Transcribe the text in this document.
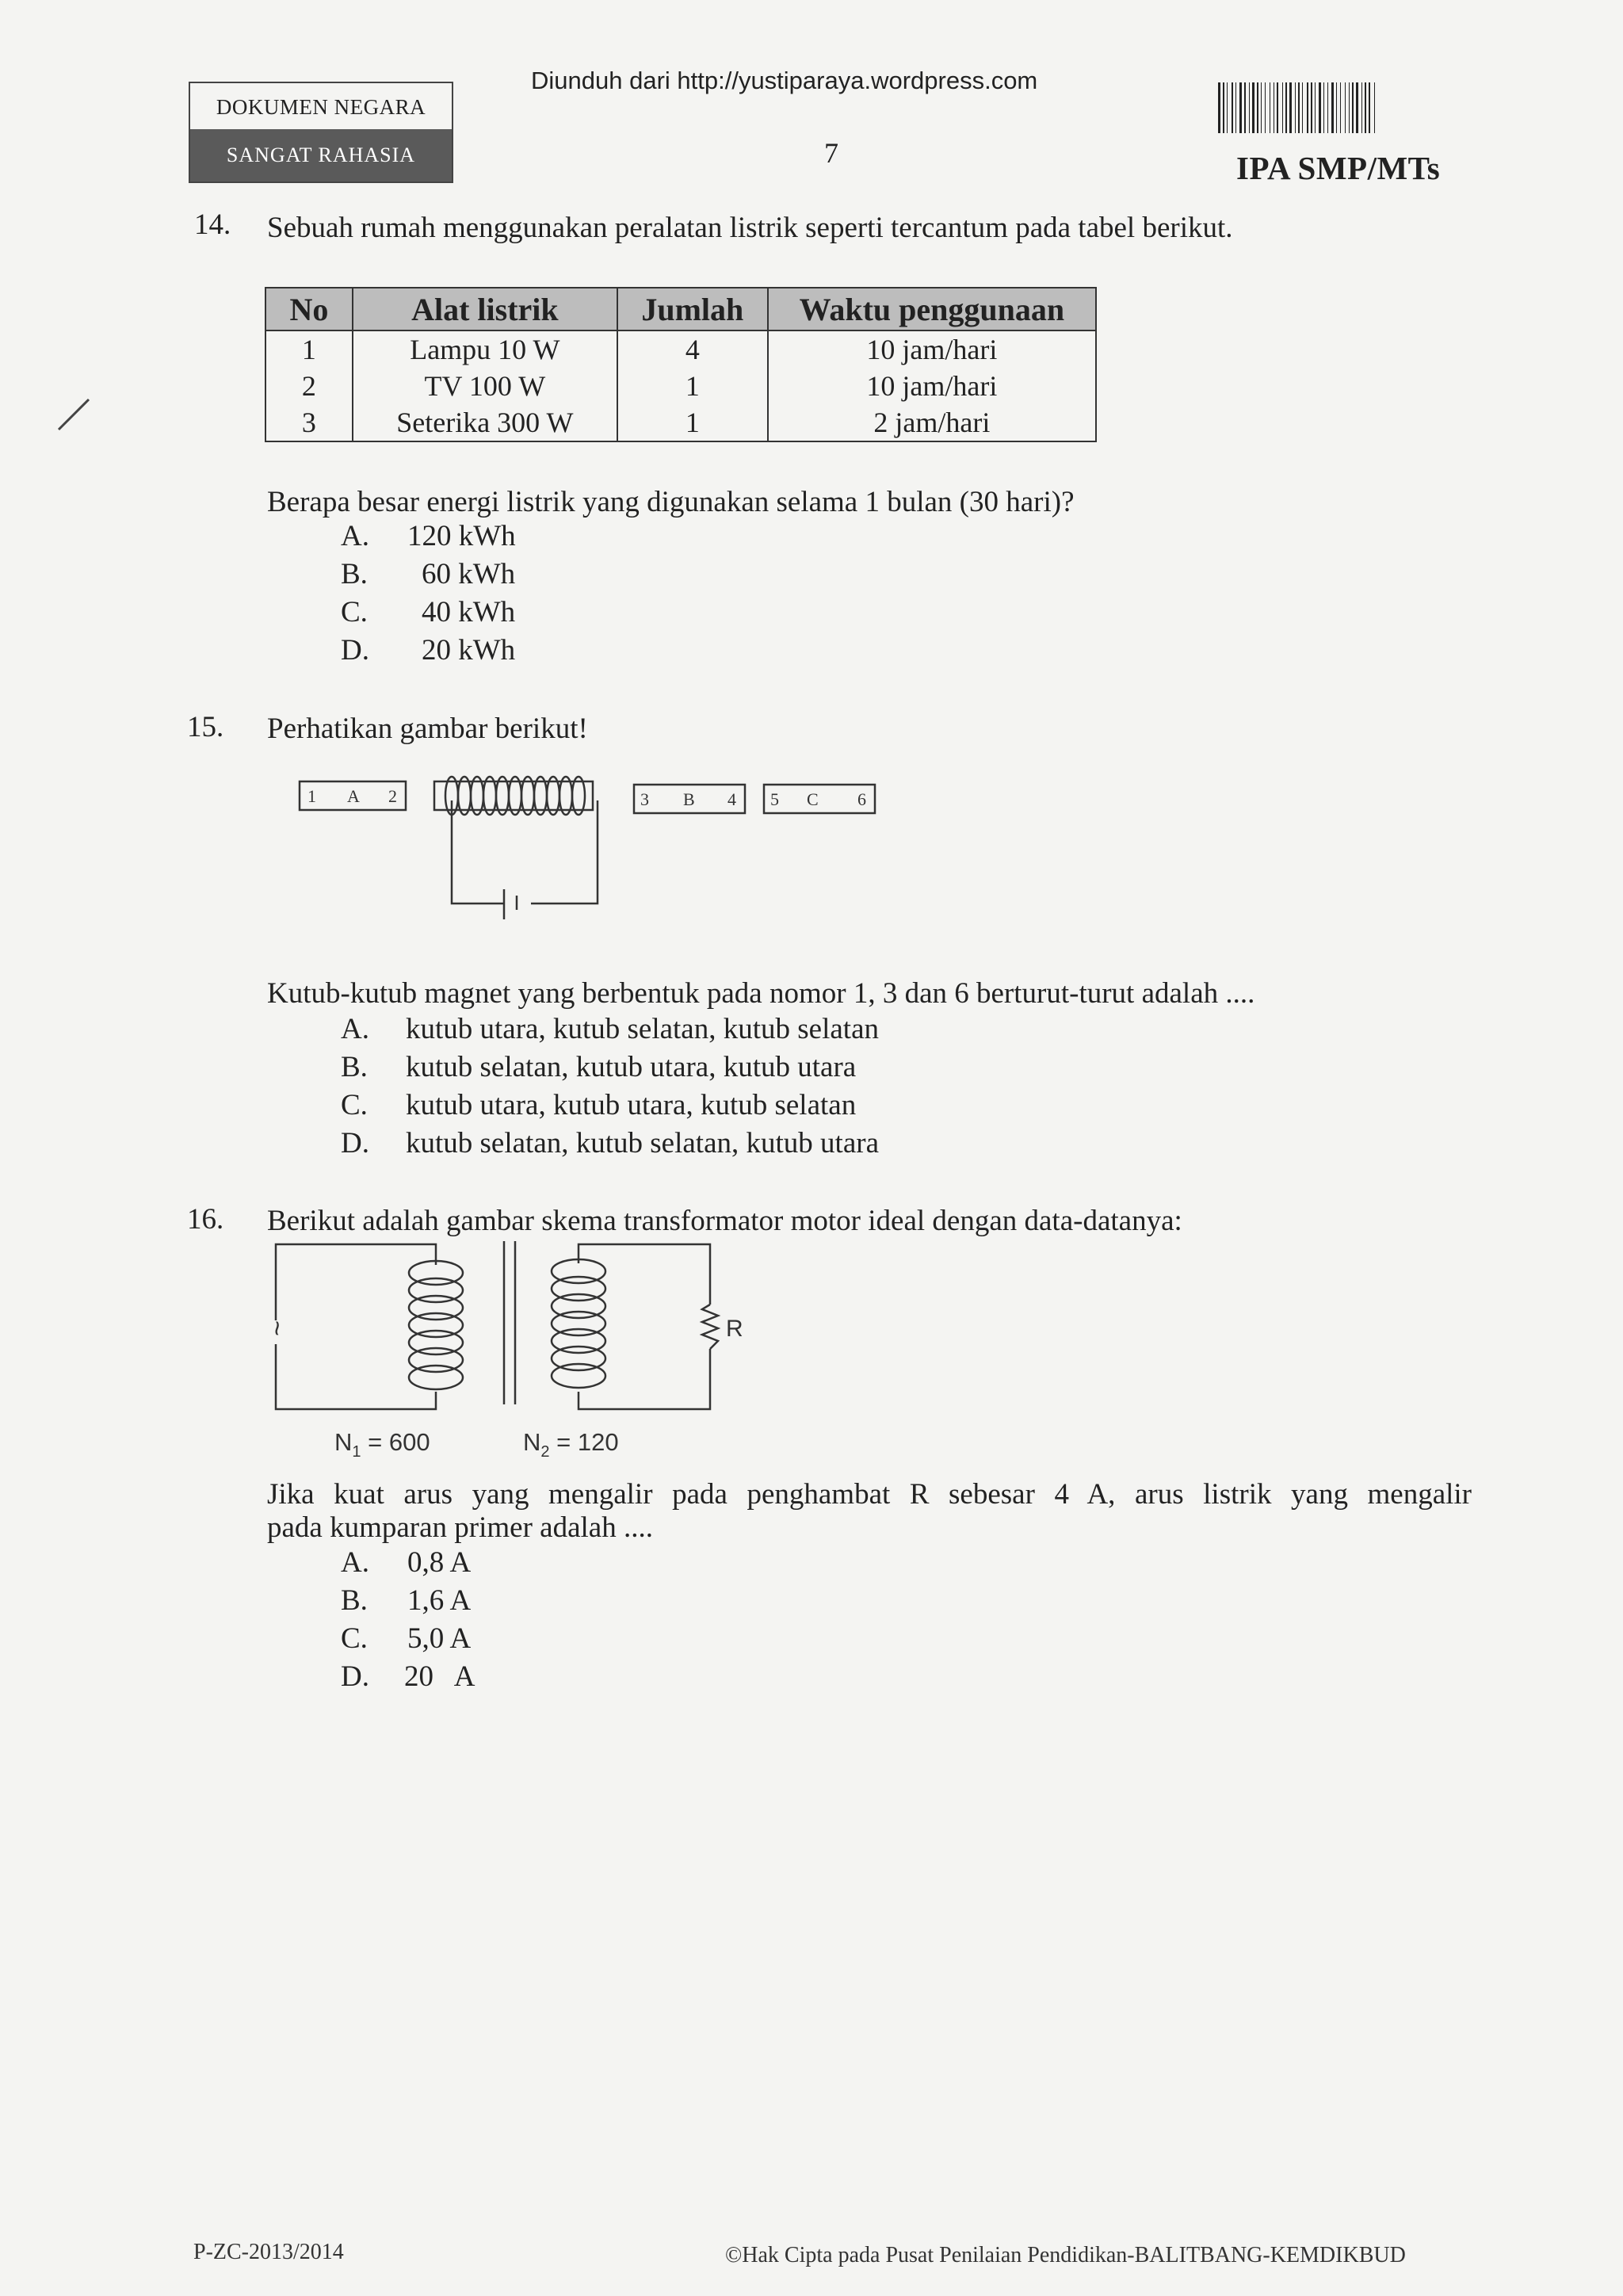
DOKUMEN NEGARA
SANGAT RAHASIA
Diunduh dari http://yustiparaya.wordpress.com
7	IPA SMP/MTs
14. Sebuah rumah menggunakan peralatan listrik seperti tercantum pada tabel berikut.
No	Alat listrik	Jumlah	Waktu penggunaan
1	Lampu 10 W	4	10 jam/hari
2	TV 100 W	1	10 jam/hari
3	Seterika 300 W	1	2 jam/hari
Berapa besar energi listrik yang digunakan selama 1 bulan (30 hari)?
A. 120 kWh
B. 60 kWh
C. 40 kWh
D. 20 kWh
15. Perhatikan gambar berikut!
1 A 2	3 B 4 5 C 6
Kutub-kutub magnet yang berbentuk pada nomor 1, 3 dan 6 berturut-turut adalah ....
A. kutub utara, kutub selatan, kutub selatan
B. kutub selatan, kutub utara, kutub utara
C. kutub utara, kutub utara, kutub selatan
D. kutub selatan, kutub selatan, kutub utara
16. Berikut adalah gambar skema transformator motor ideal dengan data-datanya:
~	R
$N_1 = 600$	$N_2 = 120$
Jika kuat arus yang mengalir pada penghambat R sebesar 4 A, arus listrik yang mengalir
pada kumparan primer adalah ....
A. 0,8 A
B. 1,6 A
C. 5,0 A
D. 20   A
P-ZC-2013/2014	©Hak Cipta pada Pusat Penilaian Pendidikan-BALITBANG-KEMDIKBUD
